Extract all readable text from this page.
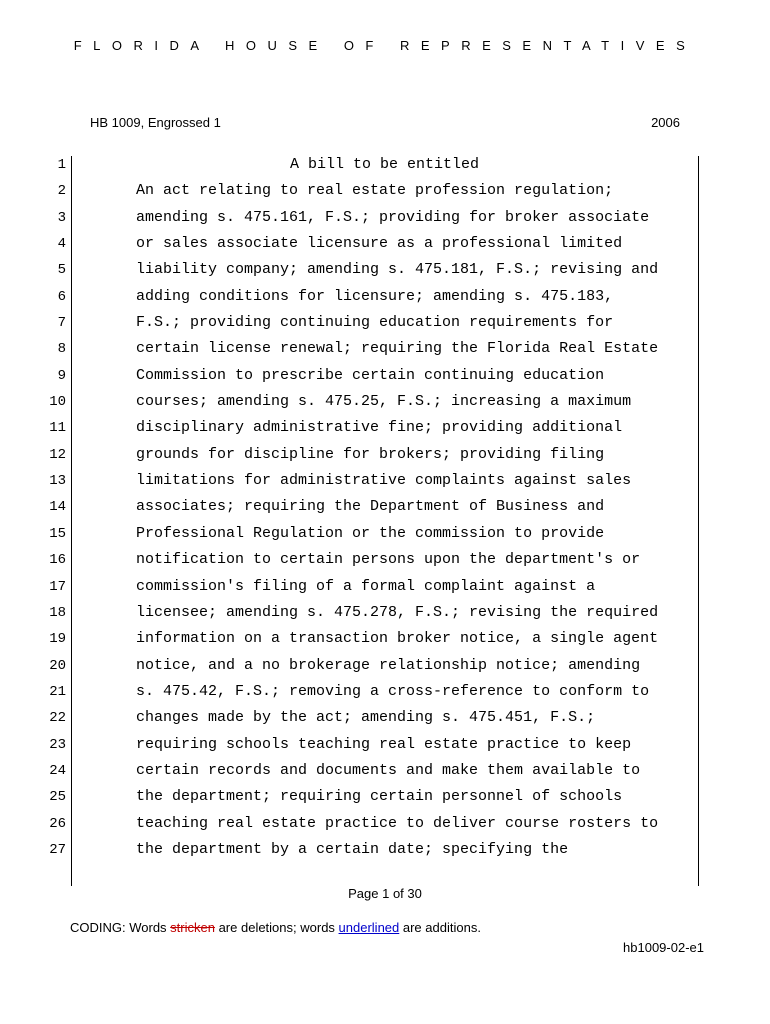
FLORIDA HOUSE OF REPRESENTATIVES
HB 1009, Engrossed 1	2006
1	A bill to be entitled
2	An act relating to real estate profession regulation;
3	amending s. 475.161, F.S.; providing for broker associate
4	or sales associate licensure as a professional limited
5	liability company; amending s. 475.181, F.S.; revising and
6	adding conditions for licensure; amending s. 475.183,
7	F.S.; providing continuing education requirements for
8	certain license renewal; requiring the Florida Real Estate
9	Commission to prescribe certain continuing education
10	courses; amending s. 475.25, F.S.; increasing a maximum
11	disciplinary administrative fine; providing additional
12	grounds for discipline for brokers; providing filing
13	limitations for administrative complaints against sales
14	associates; requiring the Department of Business and
15	Professional Regulation or the commission to provide
16	notification to certain persons upon the department's or
17	commission's filing of a formal complaint against a
18	licensee; amending s. 475.278, F.S.; revising the required
19	information on a transaction broker notice, a single agent
20	notice, and a no brokerage relationship notice; amending
21	s. 475.42, F.S.; removing a cross-reference to conform to
22	changes made by the act; amending s. 475.451, F.S.;
23	requiring schools teaching real estate practice to keep
24	certain records and documents and make them available to
25	the department; requiring certain personnel of schools
26	teaching real estate practice to deliver course rosters to
27	the department by a certain date; specifying the
Page 1 of 30
CODING: Words stricken are deletions; words underlined are additions.
hb1009-02-e1
